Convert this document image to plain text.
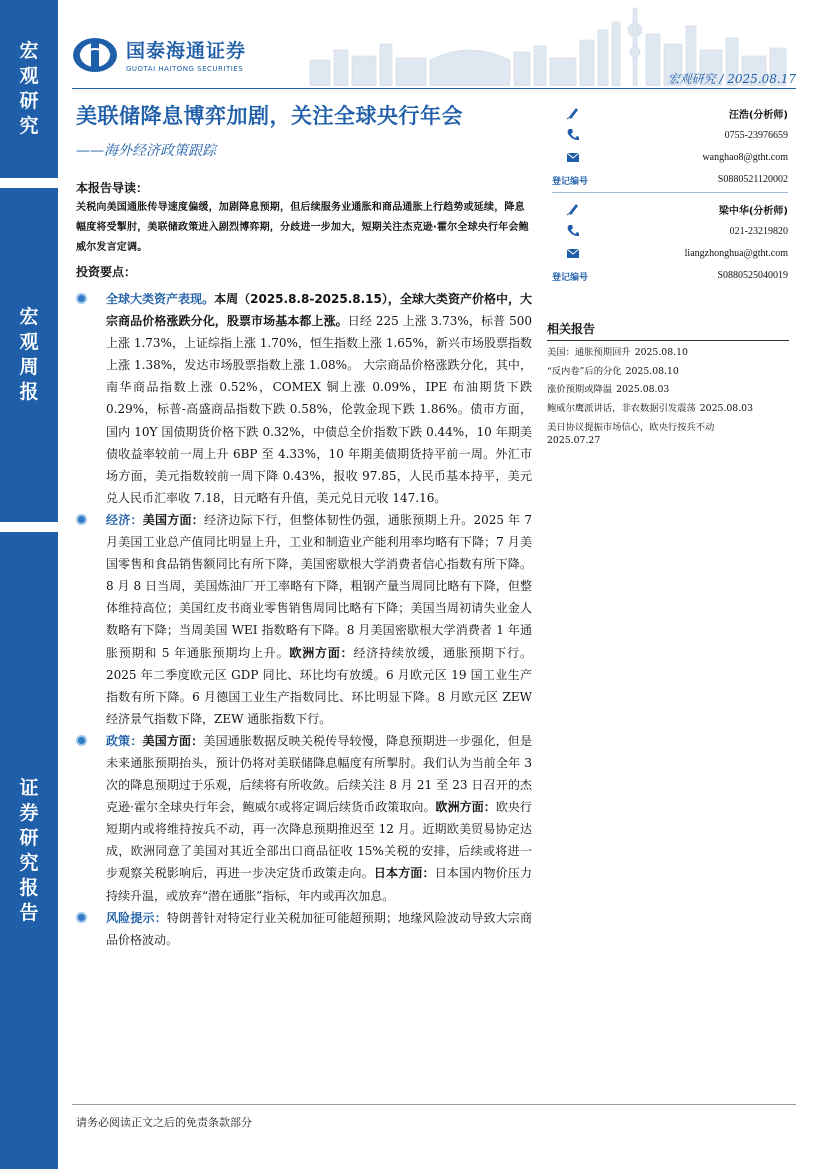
宏
观
研
究
宏
观
周
报
证
券
研
究
报
告
国泰海通证券
GUOTAI HAITONG SECURITIES
宏观研究 / 2025.08.17
美联储降息博弈加剧，关注全球央行年会
——海外经济政策跟踪
本报告导读：
关税向美国通胀传导速度偏缓，加剧降息预期，但后续服务业通胀和商品通胀上行趋势或延续，降息幅度将受掣肘，美联储政策进入剧烈博弈期，分歧进一步加大，短期关注杰克逊·霍尔全球央行年会鲍威尔发言定调。
投资要点：
全球大类资产表现。本周（2025.8.8-2025.8.15），全球大类资产价格中，大宗商品价格涨跌分化，股票市场基本都上涨。日经 225 上涨 3.73%，标普 500 上涨 1.73%，上证综指上涨 1.70%，恒生指数上涨 1.65%，新兴市场股票指数上涨 1.38%，发达市场股票指数上涨 1.08%。 大宗商品价格涨跌分化，其中，南华商品指数上涨 0.52%，COMEX 铜上涨 0.09%，IPE 布油期货下跌 0.29%，标普-高盛商品指数下跌 0.58%，伦敦金现下跌 1.86%。债市方面，国内 10Y 国债期货价格下跌 0.32%，中债总全价指数下跌 0.44%，10 年期美债收益率较前一周上升 6BP 至 4.33%，10 年期美债期货持平前一周。外汇市场方面，美元指数较前一周下降 0.43%，报收 97.85，人民币基本持平，美元兑人民币汇率收 7.18，日元略有升值，美元兑日元收 147.16。
经济：美国方面：经济边际下行，但整体韧性仍强，通胀预期上升。2025 年 7 月美国工业总产值同比明显上升，工业和制造业产能利用率均略有下降；7 月美国零售和食品销售额同比有所下降，美国密歇根大学消费者信心指数有所下降。8 月 8 日当周，美国炼油厂开工率略有下降，粗钢产量当周同比略有下降，但整体维持高位；美国红皮书商业零售销售周同比略有下降；美国当周初请失业金人数略有下降；当周美国 WEI 指数略有下降。8 月美国密歇根大学消费者 1 年通胀预期和 5 年通胀预期均上升。欧洲方面：经济持续放缓，通胀预期下行。2025 年二季度欧元区 GDP 同比、环比均有放缓。6 月欧元区 19 国工业生产指数有所下降。6 月德国工业生产指数同比、环比明显下降。8 月欧元区 ZEW 经济景气指数下降，ZEW 通胀指数下行。
政策：美国方面：美国通胀数据反映关税传导较慢，降息预期进一步强化，但是未来通胀预期抬头，预计仍将对美联储降息幅度有所掣肘。我们认为当前全年 3 次的降息预期过于乐观，后续将有所收敛。后续关注 8 月 21 至 23 日召开的杰克逊·霍尔全球央行年会，鲍威尔或将定调后续货币政策取向。欧洲方面：欧央行短期内或将维持按兵不动，再一次降息预期推迟至 12 月。近期欧美贸易协定达成，欧洲同意了美国对其近全部出口商品征收 15%关税的安排，后续或将进一步观察关税影响后，再进一步决定货币政策走向。日本方面：日本国内物价压力持续升温，或放弃“潜在通胀”指标，年内或再次加息。
风险提示：特朗普针对特定行业关税加征可能超预期；地缘风险波动导致大宗商品价格波动。
汪浩(分析师)
0755-23976659
wanghao8@gtht.com
登记编号	S0880521120002
梁中华(分析师)
021-23219820
liangzhonghua@gtht.com
登记编号	S0880525040019
相关报告
美国：通胀预期回升 2025.08.10
“反内卷”后的分化 2025.08.10
涨价预期或降温 2025.08.03
鲍威尔鹰派讲话，非农数据引发震荡 2025.08.03
美日协议提振市场信心，欧央行按兵不动
2025.07.27
请务必阅读正文之后的免责条款部分
